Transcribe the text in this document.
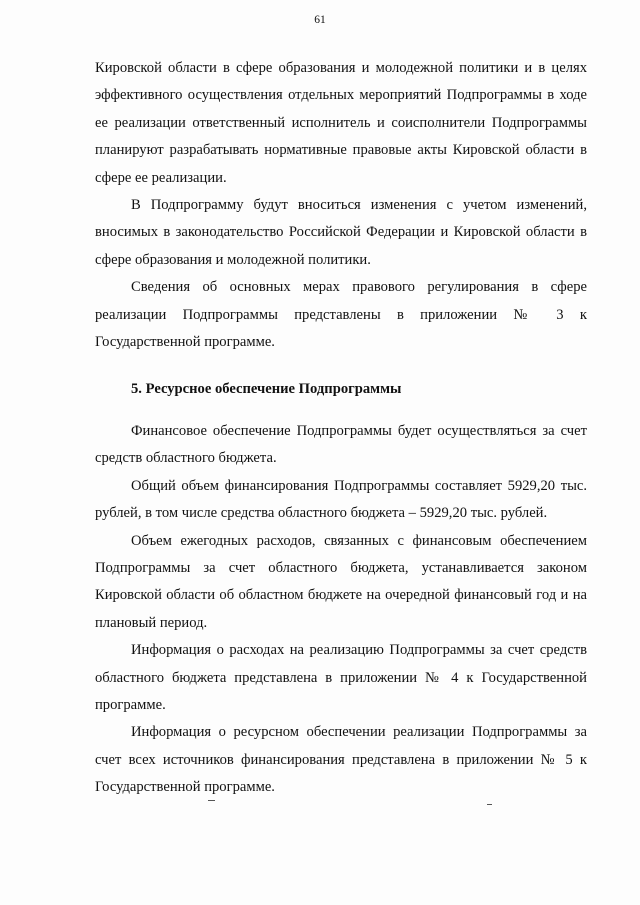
61

Кировской области в сфере образования и молодежной политики и в целях эффективного осуществления отдельных мероприятий Подпрограммы в ходе ее реализации ответственный исполнитель и соисполнители Подпрограммы планируют разрабатывать нормативные правовые акты Кировской области в сфере ее реализации.

В Подпрограмму будут вноситься изменения с учетом изменений, вносимых в законодательство Российской Федерации и Кировской области в сфере образования и молодежной политики.

Сведения об основных мерах правового регулирования в сфере реализации Подпрограммы представлены в приложении № 3 к Государственной программе.

5. Ресурсное обеспечение Подпрограммы

Финансовое обеспечение Подпрограммы будет осуществляться за счет средств областного бюджета.

Общий объем финансирования Подпрограммы составляет 5929,20 тыс. рублей, в том числе средства областного бюджета – 5929,20 тыс. рублей.

Объем ежегодных расходов, связанных с финансовым обеспечением Подпрограммы за счет областного бюджета, устанавливается законом Кировской области об областном бюджете на очередной финансовый год и на плановый период.

Информация о расходах на реализацию Подпрограммы за счет средств областного бюджета представлена в приложении № 4 к Государственной программе.

Информация о ресурсном обеспечении реализации Подпрограммы за счет всех источников финансирования представлена в приложении № 5 к Государственной программе.
